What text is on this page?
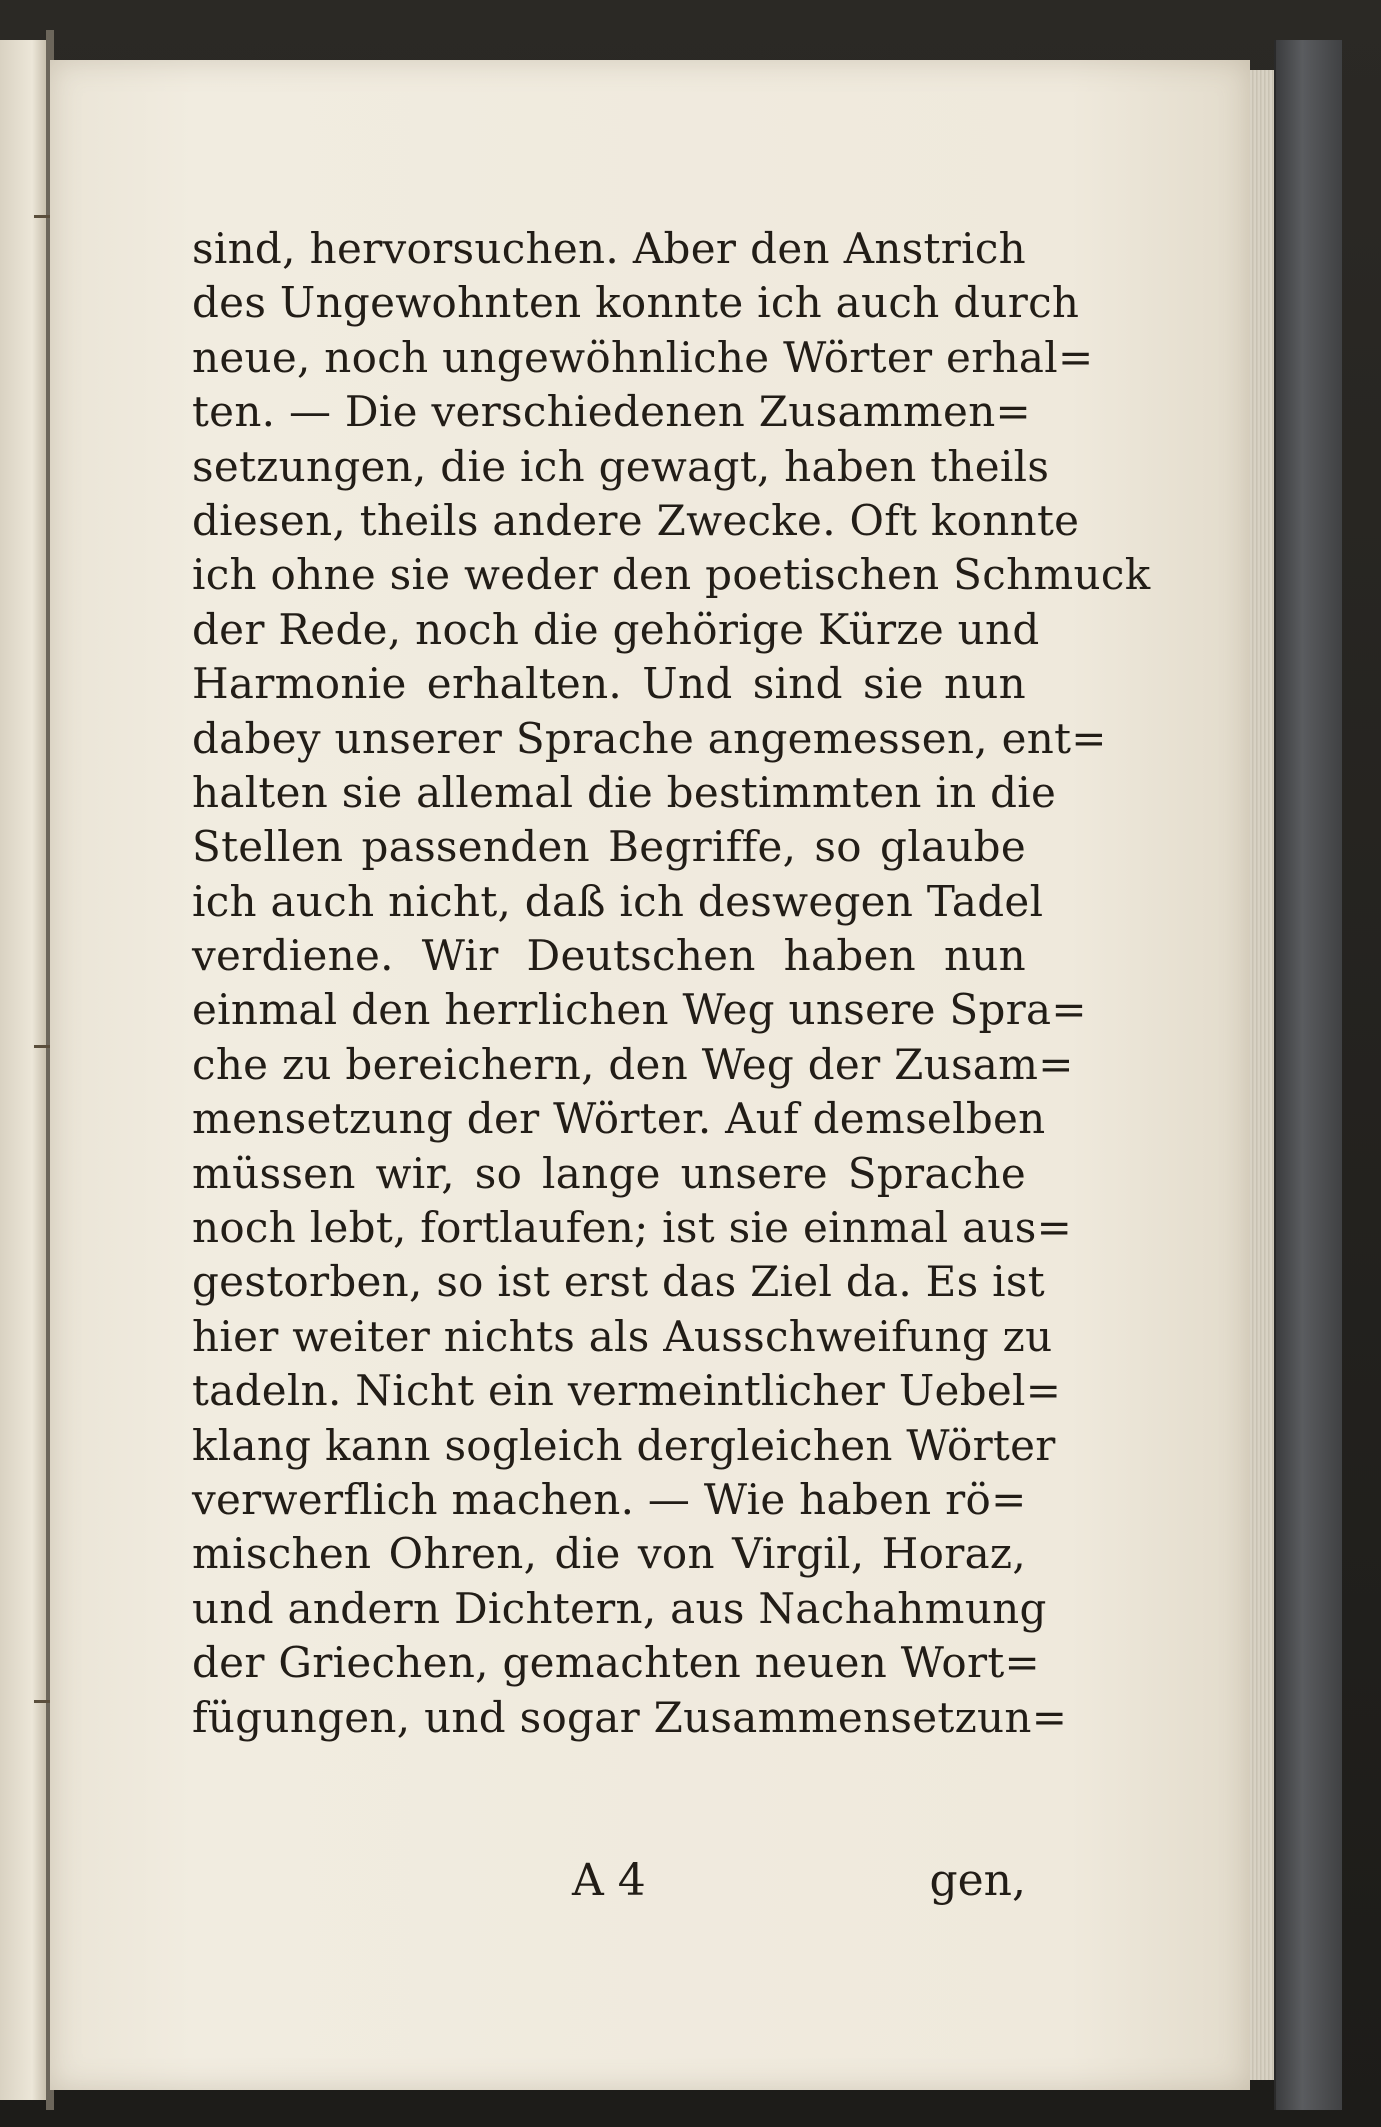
sind, hervorsuchen. Aber den Anstrich
des Ungewohnten konnte ich auch durch
neue, noch ungewöhnliche Wörter erhal=
ten. — Die verschiedenen Zusammen=
setzungen, die ich gewagt, haben theils
diesen, theils andere Zwecke. Oft konnte
ich ohne sie weder den poetischen Schmuck
der Rede, noch die gehörige Kürze und
Harmonie erhalten. Und sind sie nun
dabey unserer Sprache angemessen, ent=
halten sie allemal die bestimmten in die
Stellen passenden Begriffe, so glaube
ich auch nicht, daß ich deswegen Tadel
verdiene. Wir Deutschen haben nun
einmal den herrlichen Weg unsere Spra=
che zu bereichern, den Weg der Zusam=
mensetzung der Wörter. Auf demselben
müssen wir, so lange unsere Sprache
noch lebt, fortlaufen; ist sie einmal aus=
gestorben, so ist erst das Ziel da. Es ist
hier weiter nichts als Ausschweifung zu
tadeln. Nicht ein vermeintlicher Uebel=
klang kann sogleich dergleichen Wörter
verwerflich machen. — Wie haben rö=
mischen Ohren, die von Virgil, Horaz,
und andern Dichtern, aus Nachahmung
der Griechen, gemachten neuen Wort=
fügungen, und sogar Zusammensetzun=
A 4	gen,
